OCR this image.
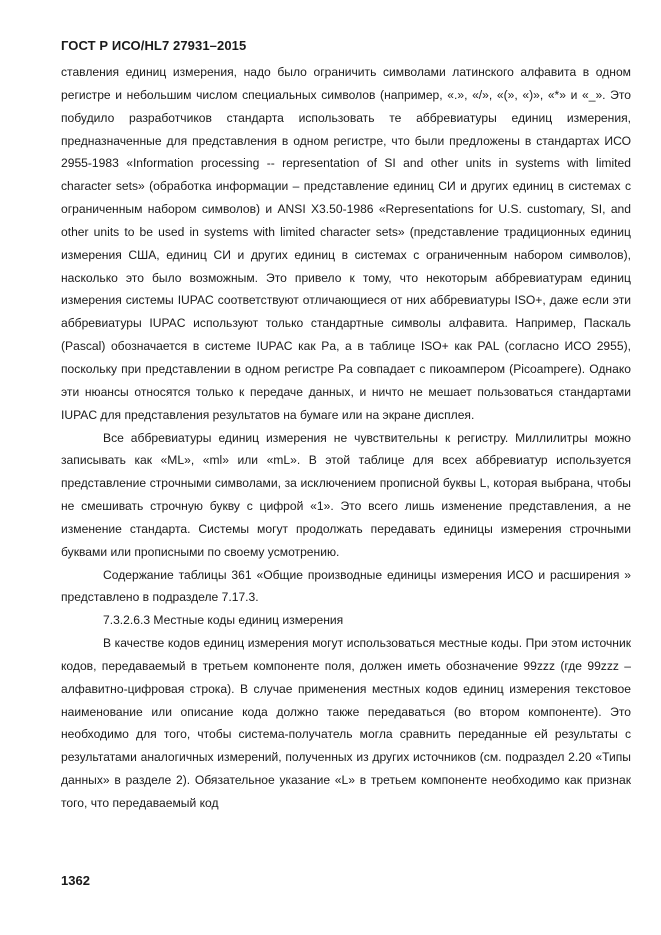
ГОСТ Р ИСО/HL7 27931–2015

ставления единиц измерения, надо было ограничить символами латинского алфавита в одном регистре и небольшим числом специальных символов (например, «.», «/», «(», «)», «*» и «_». Это побудило разработчиков стандарта использовать те аббревиатуры единиц измерения, предназначенные для представления в одном регистре, что были предложены в стандартах ИСО 2955-1983 «Information processing -- representation of SI and other units in systems with limited character sets» (обработка информации – представление единиц СИ и других единиц в системах с ограниченным набором символов) и ANSI X3.50-1986 «Representations for U.S. customary, SI, and other units to be used in systems with limited character sets» (представление традиционных единиц измерения США, единиц СИ и других единиц в системах с ограниченным набором символов), насколько это было возможным. Это привело к тому, что некоторым аббревиатурам единиц измерения системы IUPAC соответствуют отличающиеся от них аббревиатуры ISO+, даже если эти аббревиатуры IUPAC используют только стандартные символы алфавита. Например, Паскаль (Pascal) обозначается в системе IUPAC как Pa, а в таблице ISO+ как PAL (согласно ИСО 2955), поскольку при представлении в одном регистре Pa совпадает с пикоампером (Picoampere). Однако эти нюансы относятся только к передаче данных, и ничто не мешает пользоваться стандартами IUPAC для представления результатов на бумаге или на экране дисплея.

Все аббревиатуры единиц измерения не чувствительны к регистру. Миллилитры можно записывать как «ML», «ml» или «mL». В этой таблице для всех аббревиатур используется представление строчными символами, за исключением прописной буквы L, которая выбрана, чтобы не смешивать строчную букву с цифрой «1». Это всего лишь изменение представления, а не изменение стандарта. Системы могут продолжать передавать единицы измерения строчными буквами или прописными по своему усмотрению.

Содержание таблицы 361 «Общие производные единицы измерения ИСО и расширения » представлено в подразделе 7.17.3.

7.3.2.6.3 Местные коды единиц измерения

В качестве кодов единиц измерения могут использоваться местные коды. При этом источник кодов, передаваемый в третьем компоненте поля, должен иметь обозначение 99zzz (где 99zzz – алфавитно-цифровая строка). В случае применения местных кодов единиц измерения текстовое наименование или описание кода должно также передаваться (во втором компоненте). Это необходимо для того, чтобы система-получатель могла сравнить переданные ей результаты с результатами аналогичных измерений, полученных из других источников (см. подраздел 2.20 «Типы данных» в разделе 2). Обязательное указание «L» в третьем компоненте необходимо как признак того, что передаваемый код

1362
